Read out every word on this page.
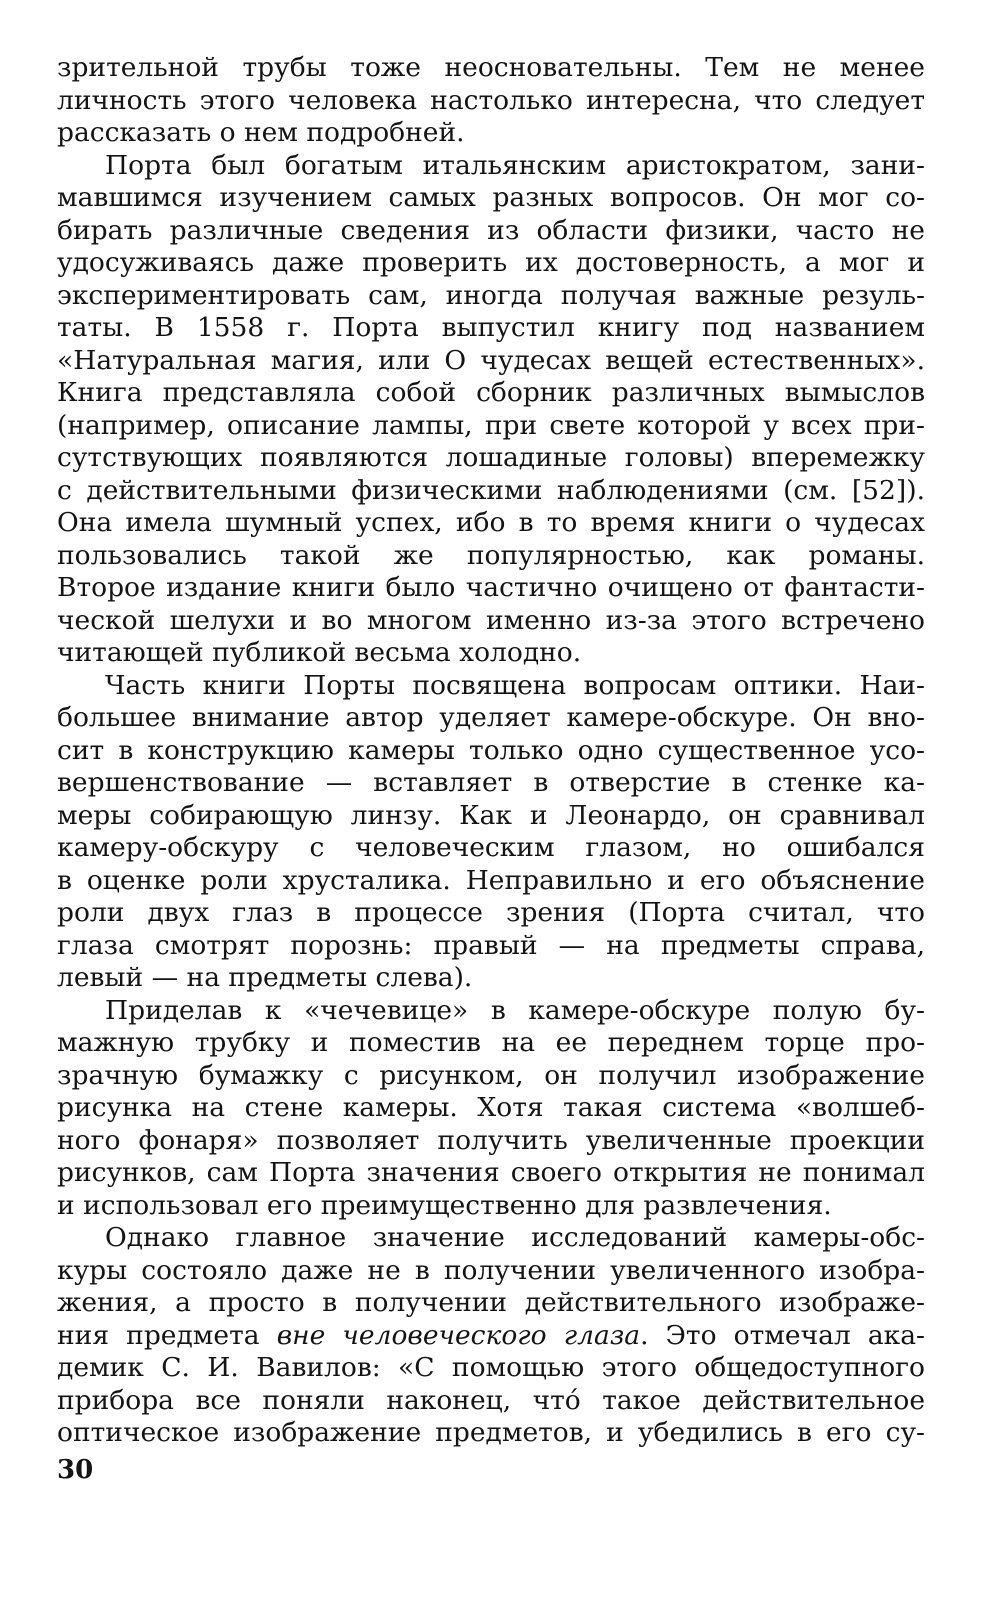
зрительной трубы тоже неосновательны. Тем не менее
личность этого человека настолько интересна, что следует
рассказать о нем подробней.

Порта был богатым итальянским аристократом, зани-
мавшимся изучением самых разных вопросов. Он мог со-
бирать различные сведения из области физики, часто не
удосуживаясь даже проверить их достоверность, а мог и
экспериментировать сам, иногда получая важные резуль-
таты. В 1558 г. Порта выпустил книгу под названием
«Натуральная магия, или О чудесах вещей естественных».
Книга представляла собой сборник различных вымыслов
(например, описание лампы, при свете которой у всех при-
сутствующих появляются лошадиные головы) вперемежку
с действительными физическими наблюдениями (см. [52]).
Она имела шумный успех, ибо в то время книги о чудесах
пользовались такой же популярностью, как романы.
Второе издание книги было частично очищено от фантасти-
ческой шелухи и во многом именно из-за этого встречено
читающей публикой весьма холодно.

Часть книги Порты посвящена вопросам оптики. Наи-
большее внимание автор уделяет камере-обскуре. Он вно-
сит в конструкцию камеры только одно существенное усо-
вершенствование — вставляет в отверстие в стенке ка-
меры собирающую линзу. Как и Леонардо, он сравнивал
камеру-обскуру с человеческим глазом, но ошибался
в оценке роли хрусталика. Неправильно и его объяснение
роли двух глаз в процессе зрения (Порта считал, что
глаза смотрят порознь: правый — на предметы справа,
левый — на предметы слева).

Приделав к «чечевице» в камере-обскуре полую бу-
мажную трубку и поместив на ее переднем торце про-
зрачную бумажку с рисунком, он получил изображение
рисунка на стене камеры. Хотя такая система «волшеб-
ного фонаря» позволяет получить увеличенные проекции
рисунков, сам Порта значения своего открытия не понимал
и использовал его преимущественно для развлечения.

Однако главное значение исследований камеры-обс-
куры состояло даже не в получении увеличенного изобра-
жения, а просто в получении действительного изображе-
ния предмета вне человеческого глаза. Это отмечал ака-
демик С. И. Вавилов: «С помощью этого общедоступного
прибора все поняли наконец, что́ такое действительное
оптическое изображение предметов, и убедились в его су-

30
